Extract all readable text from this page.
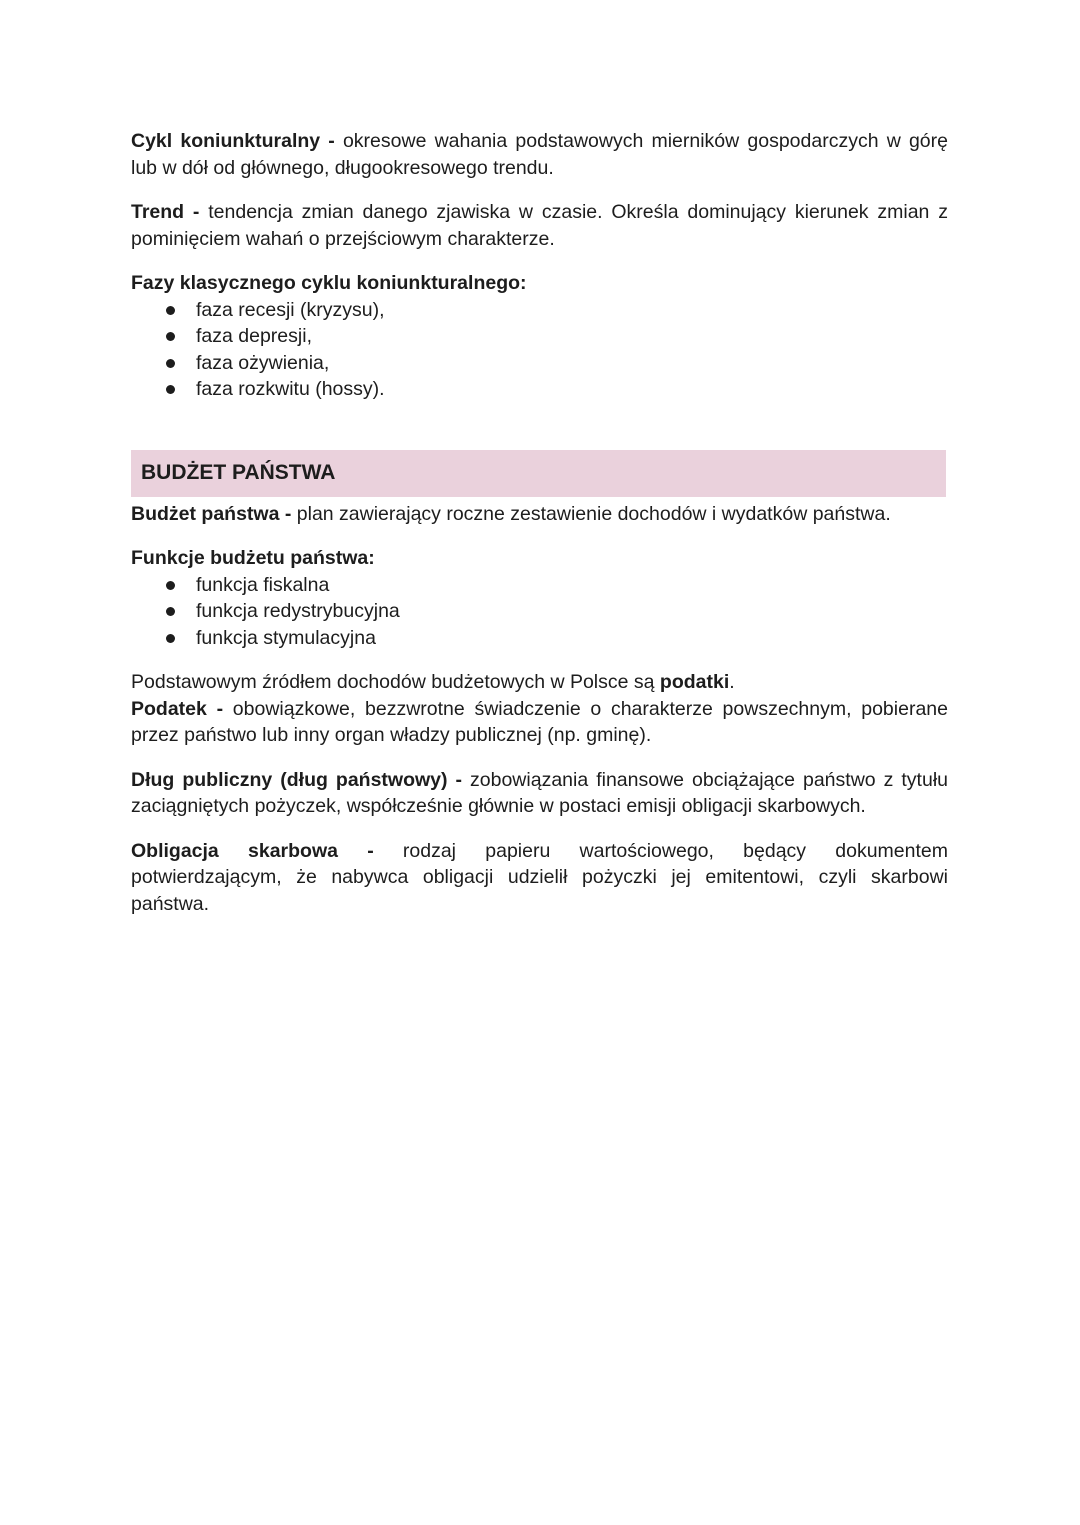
Cykl koniunkturalny - okresowe wahania podstawowych mierników gospodarczych w górę lub w dół od głównego, długookresowego trendu.

Trend - tendencja zmian danego zjawiska w czasie. Określa dominujący kierunek zmian z pominięciem wahań o przejściowym charakterze.

Fazy klasycznego cyklu koniunkturalnego:

faza recesji (kryzysu),
faza depresji,
faza ożywienia,
faza rozkwitu (hossy).
BUDŻET PAŃSTWA

Budżet państwa - plan zawierający roczne zestawienie dochodów i wydatków państwa.

Funkcje budżetu państwa:

funkcja fiskalna
funkcja redystrybucyjna
funkcja stymulacyjna

Podstawowym źródłem dochodów budżetowych w Polsce są podatki.

Podatek - obowiązkowe, bezzwrotne świadczenie o charakterze powszechnym, pobierane przez państwo lub inny organ władzy publicznej (np. gminę).

Dług publiczny (dług państwowy) - zobowiązania finansowe obciążające państwo z tytułu zaciągniętych pożyczek, współcześnie głównie w postaci emisji obligacji skarbowych.

Obligacja skarbowa - rodzaj papieru wartościowego, będący dokumentem

potwierdzającym, że nabywca obligacji udzielił pożyczki jej emitentowi, czyli skarbowi państwa.
